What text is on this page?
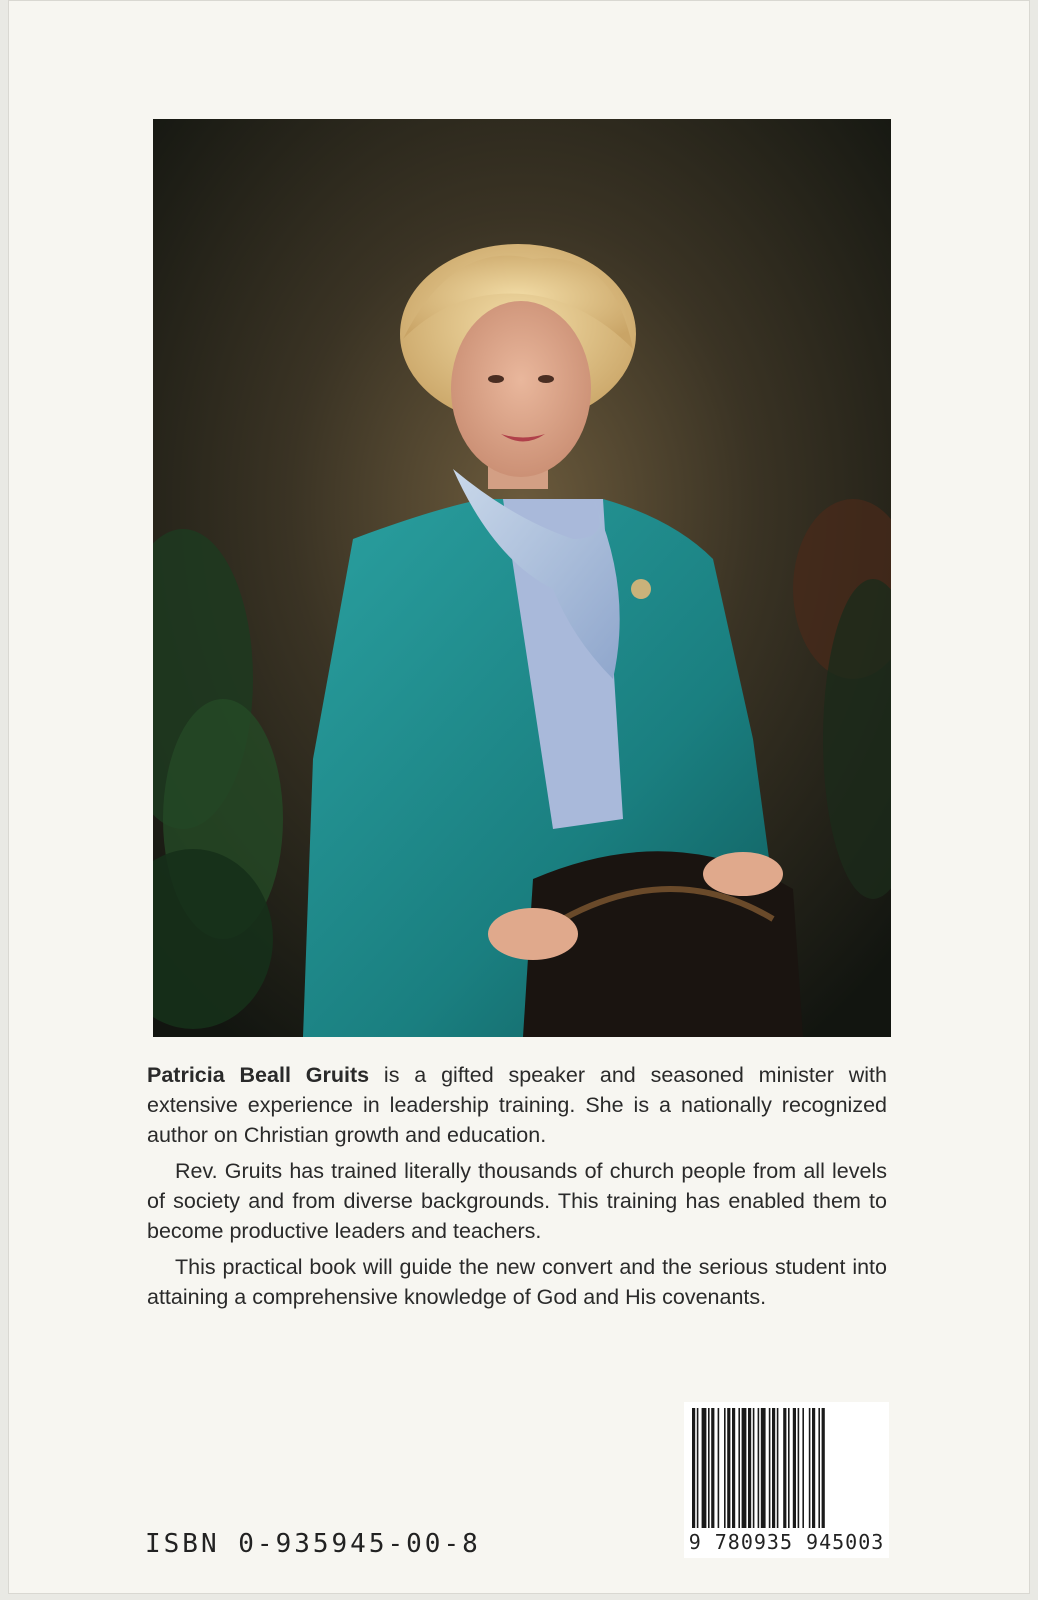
Patricia Beall Gruits is a gifted speaker and seasoned minister with extensive experience in leadership training. She is a nationally recognized author on Christian growth and education.

Rev. Gruits has trained literally thousands of church people from all levels of society and from diverse backgrounds. This training has enabled them to become productive leaders and teachers.

This practical book will guide the new convert and the serious student into attaining a comprehensive knowledge of God and His covenants.

ISBN 0-935945-00-8	9 780935 945003
